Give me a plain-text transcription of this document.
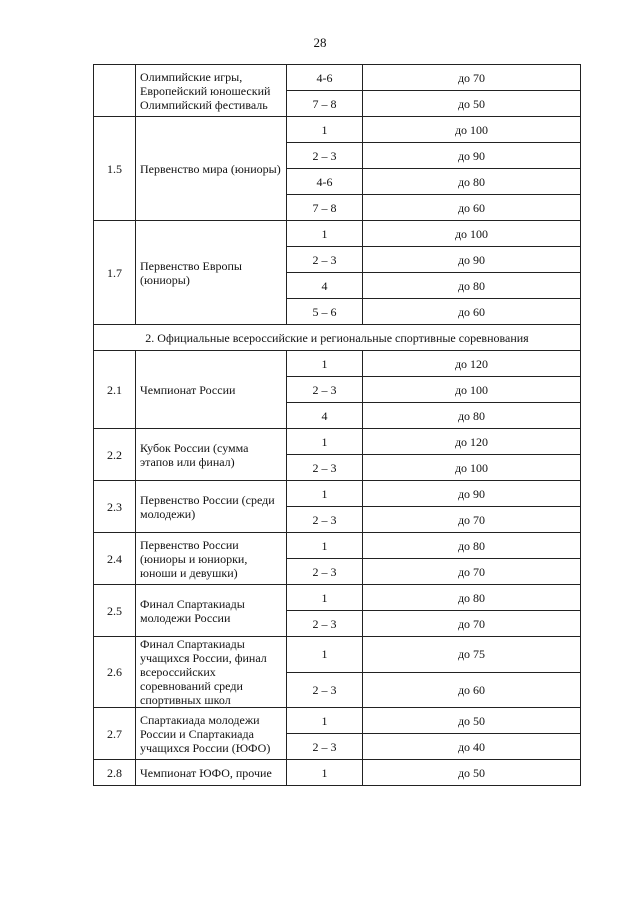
28
	Олимпийские игры, Европейский юношеский Олимпийский фестиваль	4-6	до 70
		7 – 8	до 50
1.5	Первенство мира (юниоры)	1	до 100
		2 – 3	до 90
		4-6	до 80
		7 – 8	до 60
1.7	Первенство Европы (юниоры)	1	до 100
		2 – 3	до 90
		4	до 80
		5 – 6	до 60
2. Официальные всероссийские и региональные спортивные соревнования			
2.1	Чемпионат России	1	до 120
		2 – 3	до 100
		4	до 80
2.2	Кубок России (сумма этапов или финал)	1	до 120
		2 – 3	до 100
2.3	Первенство России (среди молодежи)	1	до 90
		2 – 3	до 70
2.4	Первенство России (юниоры и юниорки, юноши и девушки)	1	до 80
		2 – 3	до 70
2.5	Финал Спартакиады молодежи России	1	до 80
		2 – 3	до 70
2.6	Финал Спартакиады учащихся России, финал всероссийских соревнований среди спортивных школ	1	до 75
		2 – 3	до 60
2.7	Спартакиада молодежи России и Спартакиада учащихся России (ЮФО)	1	до 50
		2 – 3	до 40
2.8	Чемпионат ЮФО, прочие	1	до 50
